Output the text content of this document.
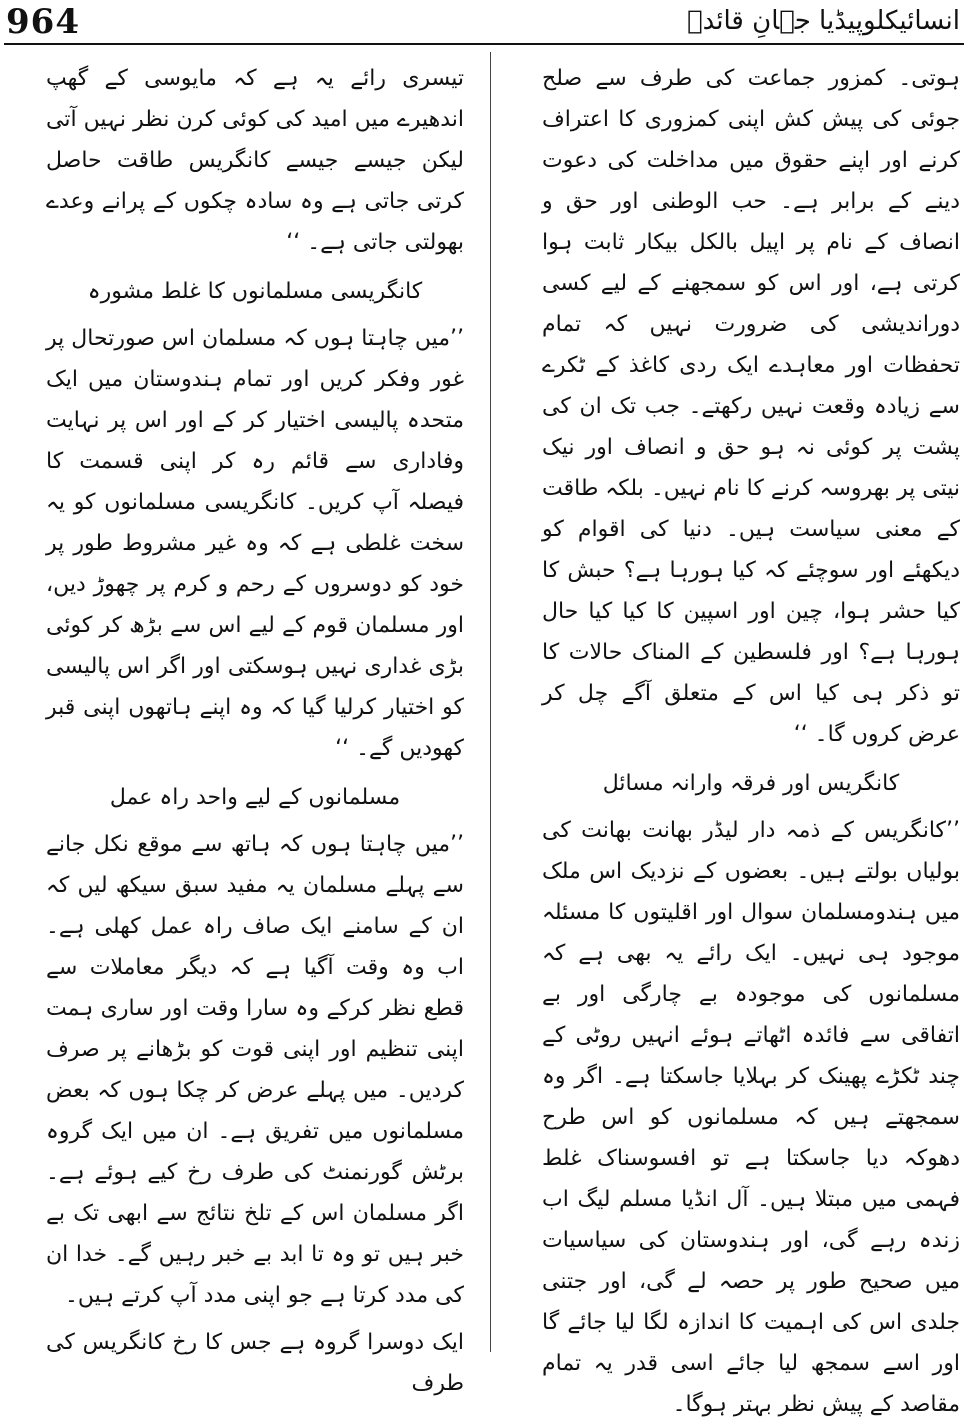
964	انسائیکلوپیڈیا جہانِ قائدؒ

ہوتی۔ کمزور جماعت کی طرف سے صلح جوئی کی پیش کش اپنی کمزوری کا اعتراف کرنے اور اپنے حقوق میں مداخلت کی دعوت دینے کے برابر ہے۔ حب الوطنی اور حق و انصاف کے نام پر اپیل بالکل بیکار ثابت ہوا کرتی ہے، اور اس کو سمجھنے کے لیے کسی دوراندیشی کی ضرورت نہیں کہ تمام تحفظات اور معاہدے ایک ردی کاغذ کے ٹکرے سے زیادہ وقعت نہیں رکھتے۔ جب تک ان کی پشت پر کوئی نہ ہو حق و انصاف اور نیک نیتی پر بھروسہ کرنے کا نام نہیں۔ بلکہ طاقت کے معنی سیاست ہیں۔ دنیا کی اقوام کو دیکھئے اور سوچئے کہ کیا ہورہا ہے؟ حبش کا کیا حشر ہوا، چین اور اسپین کا کیا کیا حال ہورہا ہے؟ اور فلسطین کے المناک حالات کا تو ذکر ہی کیا اس کے متعلق آگے چل کر عرض کروں گا۔ ‘‘

کانگریس اور فرقہ وارانہ مسائل

’’کانگریس کے ذمہ دار لیڈر بھانت بھانت کی بولیاں بولتے ہیں۔ بعضوں کے نزدیک اس ملک میں ہندومسلمان سوال اور اقلیتوں کا مسئلہ موجود ہی نہیں۔ ایک رائے یہ بھی ہے کہ مسلمانوں کی موجودہ بے چارگی اور بے اتفاقی سے فائدہ اٹھاتے ہوئے انہیں روٹی کے چند ٹکڑے پھینک کر بہلایا جاسکتا ہے۔ اگر وہ سمجھتے ہیں کہ مسلمانوں کو اس طرح دھوکہ دیا جاسکتا ہے تو افسوسناک غلط فہمی میں مبتلا ہیں۔ آل انڈیا مسلم لیگ اب زندہ رہے گی، اور ہندوستان کی سیاسیات میں صحیح طور پر حصہ لے گی، اور جتنی جلدی اس کی اہمیت کا اندازہ لگا لیا جائے گا اور اسے سمجھ لیا جائے اسی قدر یہ تمام مقاصد کے پیش نظر بہتر ہوگا۔

تیسری رائے یہ ہے کہ مایوسی کے گھپ اندھیرے میں امید کی کوئی کرن نظر نہیں آتی لیکن جیسے جیسے کانگریس طاقت حاصل کرتی جاتی ہے وہ سادہ چکوں کے پرانے وعدے بھولتی جاتی ہے۔ ‘‘

کانگریسی مسلمانوں کا غلط مشورہ

’’میں چاہتا ہوں کہ مسلمان اس صورتحال پر غور وفکر کریں اور تمام ہندوستان میں ایک متحدہ پالیسی اختیار کر کے اور اس پر نہایت وفاداری سے قائم رہ کر اپنی قسمت کا فیصلہ آپ کریں۔ کانگریسی مسلمانوں کو یہ سخت غلطی ہے کہ وہ غیر مشروط طور پر خود کو دوسروں کے رحم و کرم پر چھوڑ دیں، اور مسلمان قوم کے لیے اس سے بڑھ کر کوئی بڑی غداری نہیں ہوسکتی اور اگر اس پالیسی کو اختیار کرلیا گیا کہ وہ اپنے ہاتھوں اپنی قبر کھودیں گے۔ ‘‘

مسلمانوں کے لیے واحد راہ عمل

’’میں چاہتا ہوں کہ ہاتھ سے موقع نکل جانے سے پہلے مسلمان یہ مفید سبق سیکھ لیں کہ ان کے سامنے ایک صاف راہ عمل کھلی ہے۔ اب وہ وقت آگیا ہے کہ دیگر معاملات سے قطع نظر کرکے وہ سارا وقت اور ساری ہمت اپنی تنظیم اور اپنی قوت کو بڑھانے پر صرف کردیں۔ میں پہلے عرض کر چکا ہوں کہ بعض مسلمانوں میں تفریق ہے۔ ان میں ایک گروہ برٹش گورنمنٹ کی طرف رخ کیے ہوئے ہے۔ اگر مسلمان اس کے تلخ نتائج سے ابھی تک بے خبر ہیں تو وہ تا ابد بے خبر رہیں گے۔ خدا ان کی مدد کرتا ہے جو اپنی مدد آپ کرتے ہیں۔

ایک دوسرا گروہ ہے جس کا رخ کانگریس کی طرف
